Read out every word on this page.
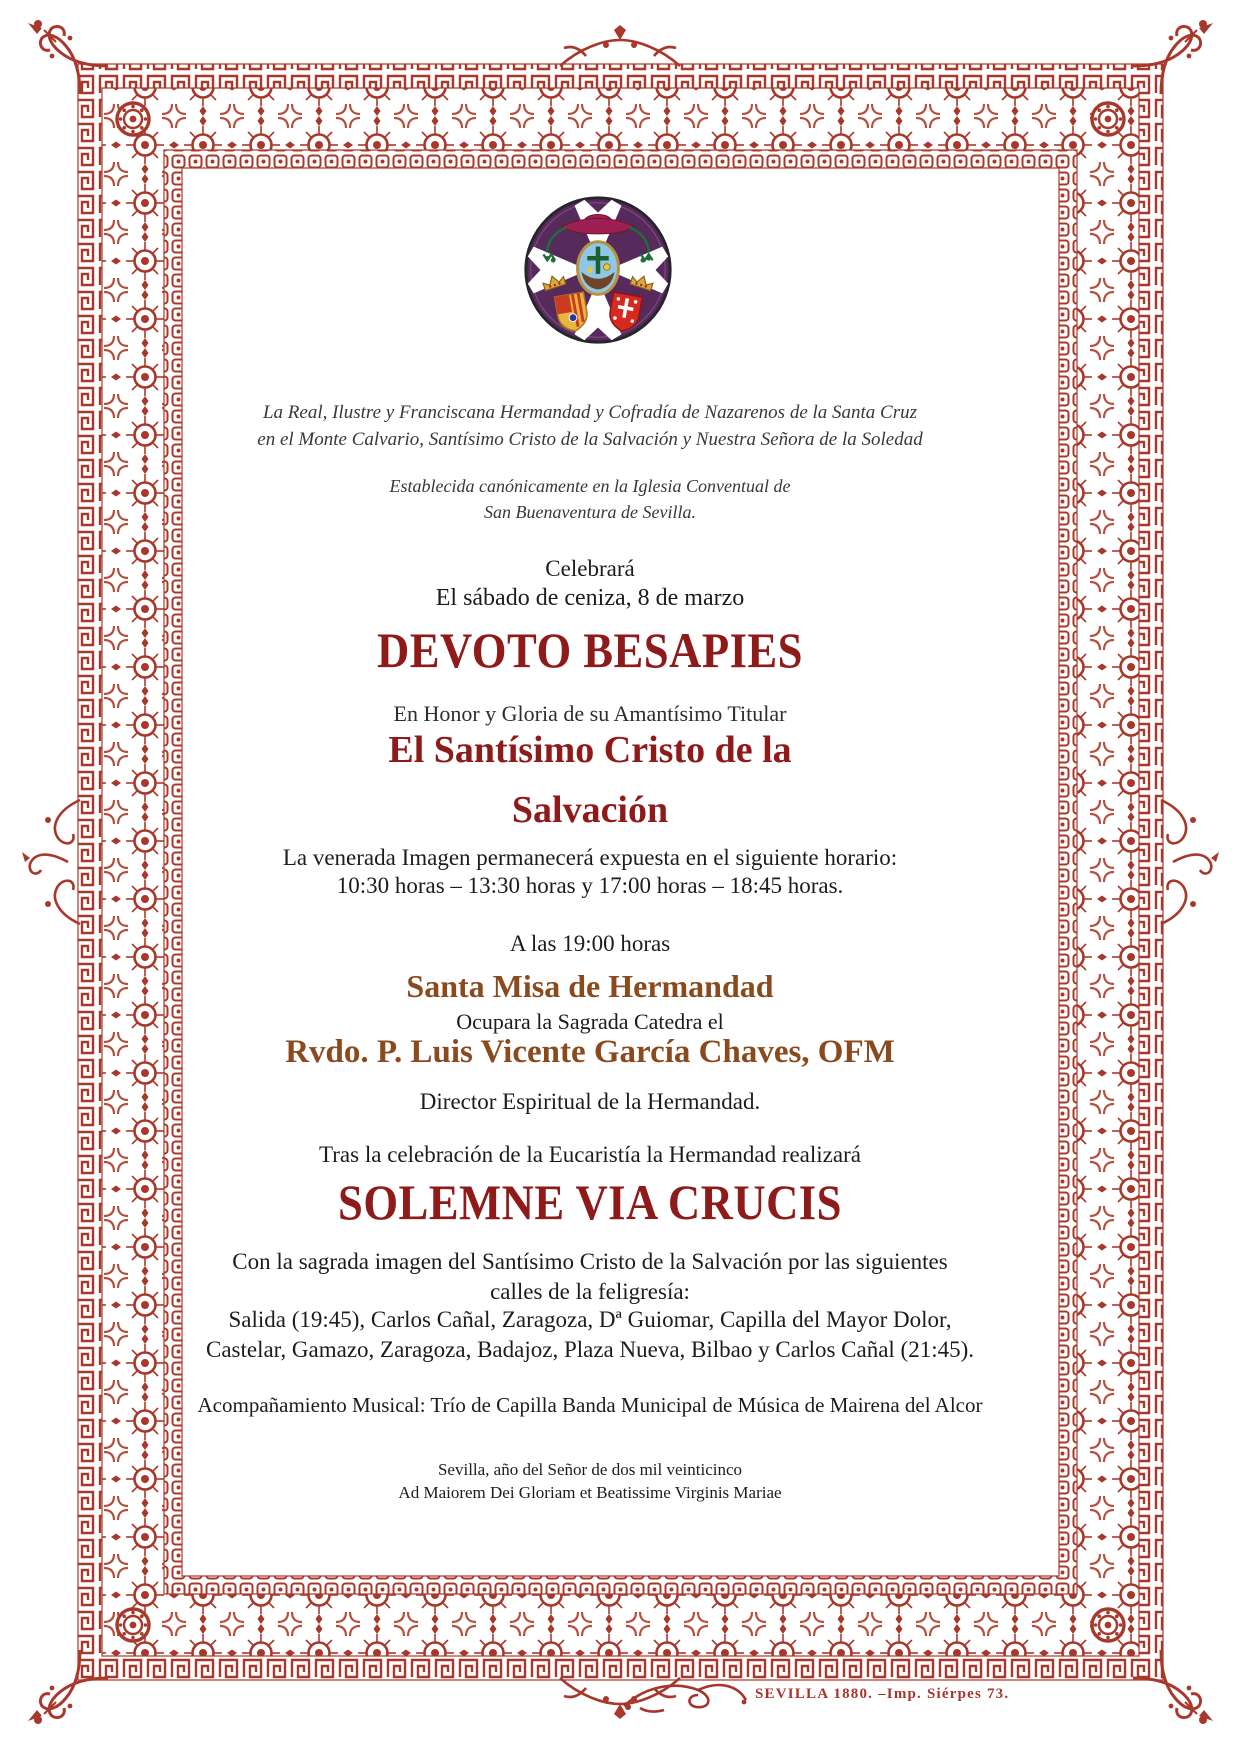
La Real, Ilustre y Franciscana Hermandad y Cofradía de Nazarenos de la Santa Cruz
en el Monte Calvario, Santísimo Cristo de la Salvación y Nuestra Señora de la Soledad
Establecida canónicamente en la Iglesia Conventual de
San Buenaventura de Sevilla.
Celebrará
El sábado de ceniza, 8 de marzo
DEVOTO BESAPIES
En Honor y Gloria de su Amantísimo Titular
El Santísimo Cristo de la
Salvación
La venerada Imagen permanecerá expuesta en el siguiente horario:
10:30 horas – 13:30 horas y 17:00 horas – 18:45 horas.
A las 19:00 horas
Santa Misa de Hermandad
Ocupara la Sagrada Catedra el
Rvdo. P. Luis Vicente García Chaves, OFM
Director Espiritual de la Hermandad.
Tras la celebración de la Eucaristía la Hermandad realizará
SOLEMNE VIA CRUCIS
Con la sagrada imagen del Santísimo Cristo de la Salvación por las siguientes
calles de la feligresía:
Salida (19:45), Carlos Cañal, Zaragoza, Dª Guiomar, Capilla del Mayor Dolor,
Castelar, Gamazo, Zaragoza, Badajoz, Plaza Nueva, Bilbao y Carlos Cañal (21:45).
Acompañamiento Musical: Trío de Capilla Banda Municipal de Música de Mairena del Alcor
Sevilla, año del Señor de dos mil veinticinco
Ad Maiorem Dei Gloriam et Beatissime Virginis Mariae
SEVILLA 1880. –Imp. Siérpes 73.
